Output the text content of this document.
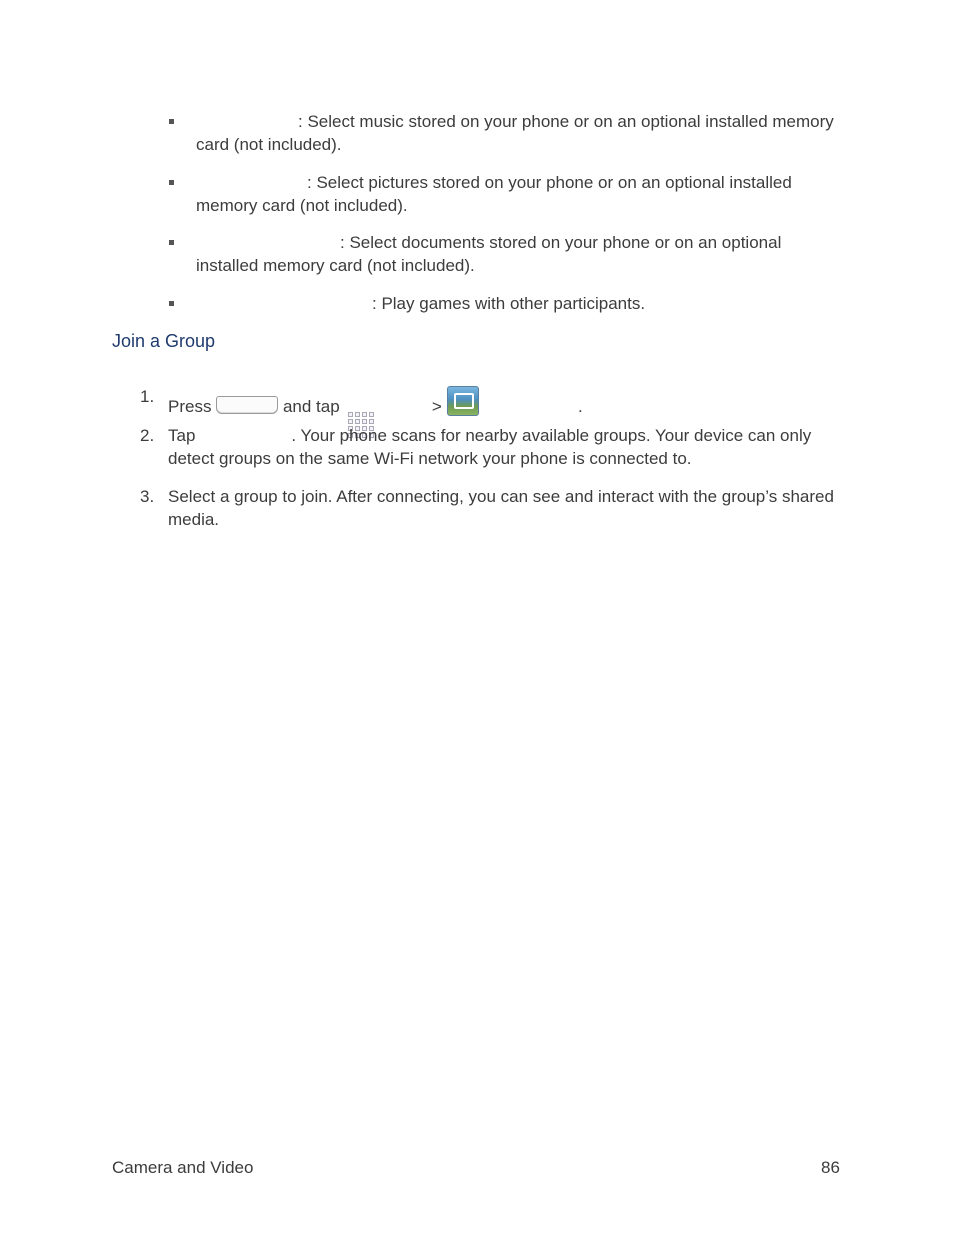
: Select music stored on your phone or on an optional installed memory card (not included).
: Select pictures stored on your phone or on an optional installed memory card (not included).
: Select documents stored on your phone or on an optional installed memory card (not included).
: Play games with other participants.
Join a Group
1.
Press	and tap	>	.
2. Tap	. Your phone scans for nearby available groups. Your device can only detect groups on the same Wi-Fi network your phone is connected to.
3. Select a group to join. After connecting, you can see and interact with the group’s shared media.
Camera and Video	86
